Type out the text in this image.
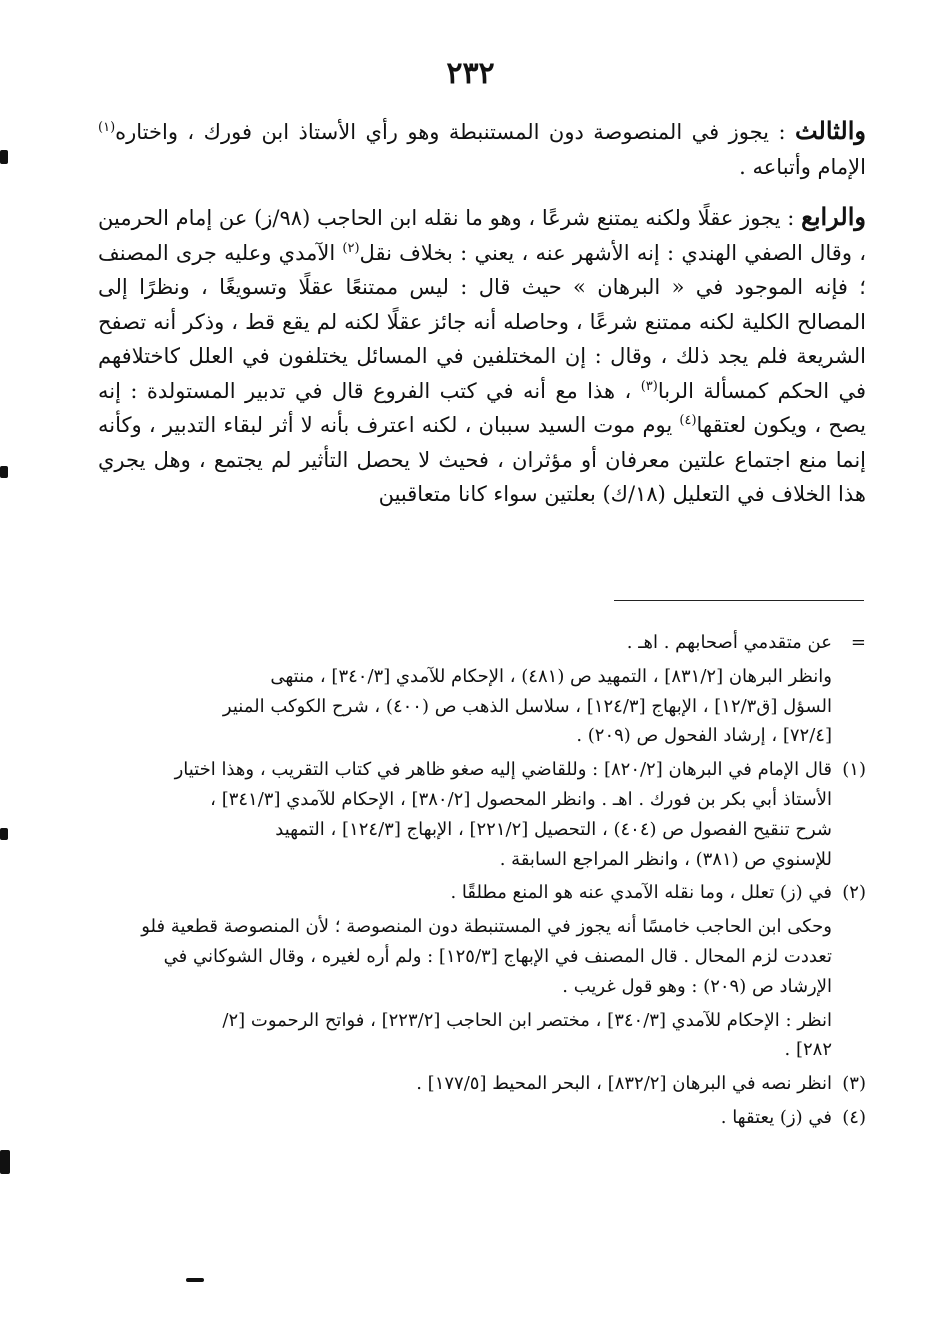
٢٣٢

والثالث : يجوز في المنصوصة دون المستنبطة وهو رأي الأستاذ ابن فورك ، واختاره$^{(١)}$ الإمام وأتباعه .

والرابع : يجوز عقلًا ولكنه يمتنع شرعًا ، وهو ما نقله ابن الحاجب (٩٨/ز) عن إمام الحرمين ، وقال الصفي الهندي : إنه الأشهر عنه ، يعني : بخلاف نقل$^{(٢)}$ الآمدي وعليه جرى المصنف ؛ فإنه الموجود في « البرهان » حيث قال : ليس ممتنعًا عقلًا وتسويغًا ، ونظرًا إلى المصالح الكلية لكنه ممتنع شرعًا ، وحاصله أنه جائز عقلًا لكنه لم يقع قط ، وذكر أنه تصفح الشريعة فلم يجد ذلك ، وقال : إن المختلفين في المسائل يختلفون في العلل كاختلافهم في الحكم كمسألة الربا$^{(٣)}$ ، هذا مع أنه في كتب الفروع قال في تدبير المستولدة : إنه يصح ، ويكون لعتقها$^{(٤)}$ يوم موت السيد سببان ، لكنه اعترف بأنه لا أثر لبقاء التدبير ، وكأنه إنما منع اجتماع علتين معرفان أو مؤثران ، فحيث لا يحصل التأثير لم يجتمع ، وهل يجري هذا الخلاف في التعليل (١٨/ك) بعلتين سواء كانا متعاقبين

=
عن متقدمي أصحابهم . اهـ .
وانظر البرهان [٨٣١/٢] ، التمهيد ص (٤٨١) ، الإحكام للآمدي [٣٤٠/٣] ، منتهى
السؤل [ق١٢/٣] ، الإبهاج [١٢٤/٣] ، سلاسل الذهب ص (٤٠٠) ، شرح الكوكب المنير
[٧٢/٤] ، إرشاد الفحول ص (٢٠٩) .
(١)
قال الإمام في البرهان [٨٢٠/٢] : وللقاضي إليه صغو ظاهر في كتاب التقريب ، وهذا اختيار
الأستاذ أبي بكر بن فورك . اهـ . وانظر المحصول [٣٨٠/٢] ، الإحكام للآمدي [٣٤١/٣] ،
شرح تنقيح الفصول ص (٤٠٤) ، التحصيل [٢٢١/٢] ، الإبهاج [١٢٤/٣] ، التمهيد
للإسنوي ص (٣٨١) ، وانظر المراجع السابقة .
(٢)
في (ز) تعلل ، وما نقله الآمدي عنه هو المنع مطلقًا .
وحكى ابن الحاجب خامسًا أنه يجوز في المستنبطة دون المنصوصة ؛ لأن المنصوصة قطعية فلو
تعددت لزم المحال . قال المصنف في الإبهاج [١٢٥/٣] : ولم أره لغيره ، وقال الشوكاني في
الإرشاد ص (٢٠٩) : وهو قول غريب .
انظر : الإحكام للآمدي [٣٤٠/٣] ، مختصر ابن الحاجب [٢٢٣/٢] ، فواتح الرحموت [٢/
٢٨٢] .
(٣)
انظر نصه في البرهان [٨٣٢/٢] ، البحر المحيط [١٧٧/٥] .
(٤)
في (ز) يعتقها .
